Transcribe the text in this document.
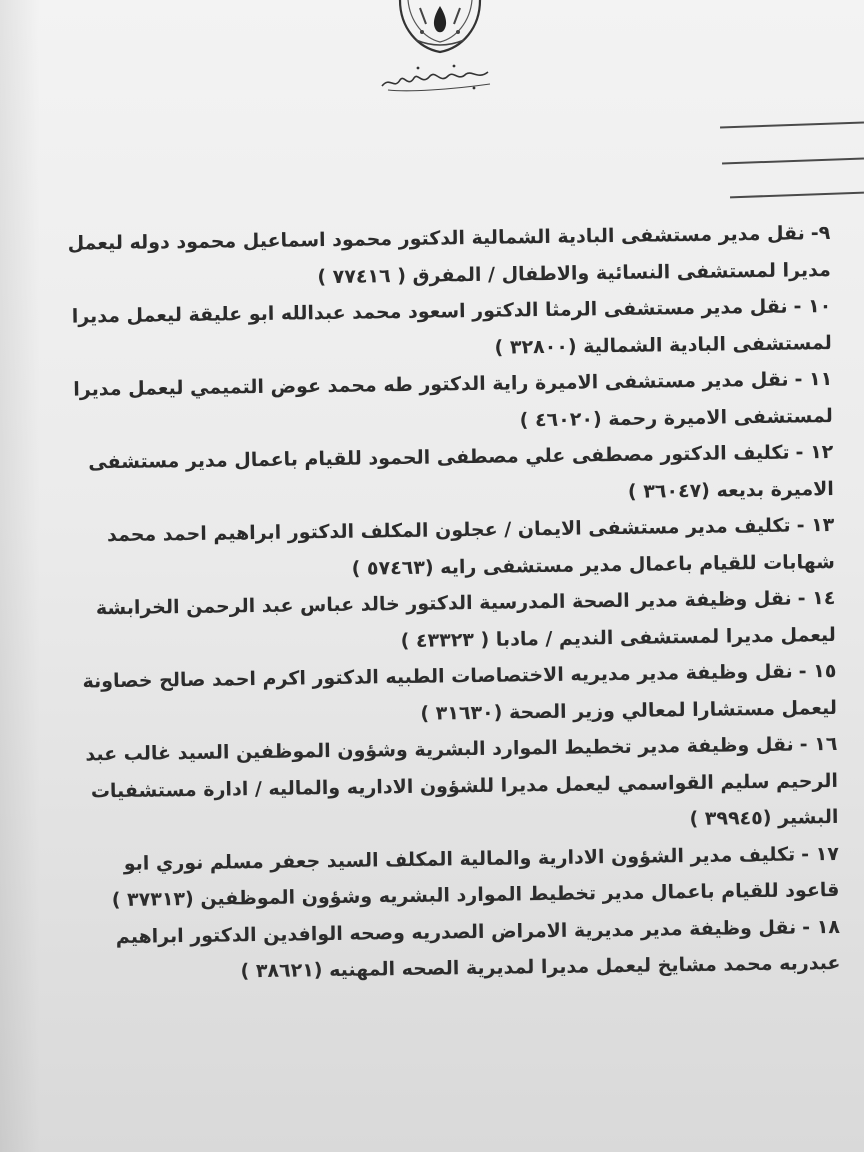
٩-نقل مدير مستشفى البادية الشمالية الدكتور محمود اسماعيل محمود دوله ليعمل مديرا لمستشفى النسائية والاطفال / المفرق ( ٧٧٤١٦ )

١٠ -نقل مدير مستشفى الرمثا الدكتور اسعود محمد عبدالله ابو عليقة ليعمل مديرا لمستشفى البادية الشمالية (٣٢٨٠٠ )

١١ -نقل مدير مستشفى الاميرة راية الدكتور طه محمد عوض التميمي ليعمل مديرا لمستشفى الاميرة رحمة (٤٦٠٢٠ )

١٢ -تكليف الدكتور مصطفى علي مصطفى الحمود للقيام باعمال مدير مستشفى الاميرة بديعه (٣٦٠٤٧ )

١٣ -تكليف مدير مستشفى الايمان / عجلون المكلف الدكتور ابراهيم احمد محمد شهابات للقيام باعمال مدير مستشفى رايه (٥٧٤٦٣ )

١٤ -نقل وظيفة مدير الصحة المدرسية الدكتور خالد عباس عبد الرحمن الخرابشة ليعمل مديرا لمستشفى النديم / مادبا ( ٤٣٣٢٣ )

١٥ -نقل وظيفة مدير مديريه الاختصاصات الطبيه الدكتور اكرم احمد صالح خصاونة ليعمل مستشارا لمعالي وزير الصحة (٣١٦٣٠ )

١٦ -نقل وظيفة مدير تخطيط الموارد البشرية وشؤون الموظفين السيد غالب عبد الرحيم سليم القواسمي ليعمل مديرا للشؤون الاداريه والماليه / ادارة مستشفيات البشير (٣٩٩٤٥ )

١٧ -تكليف مدير الشؤون الادارية والمالية المكلف السيد جعفر مسلم نوري ابو قاعود للقيام باعمال مدير تخطيط الموارد البشريه وشؤون الموظفين (٣٧٣١٣ )

١٨ -نقل وظيفة مدير مديرية الامراض الصدريه وصحه الوافدين الدكتور ابراهيم عبدربه محمد مشايخ ليعمل مديرا لمديرية الصحه المهنيه (٣٨٦٢١ )
